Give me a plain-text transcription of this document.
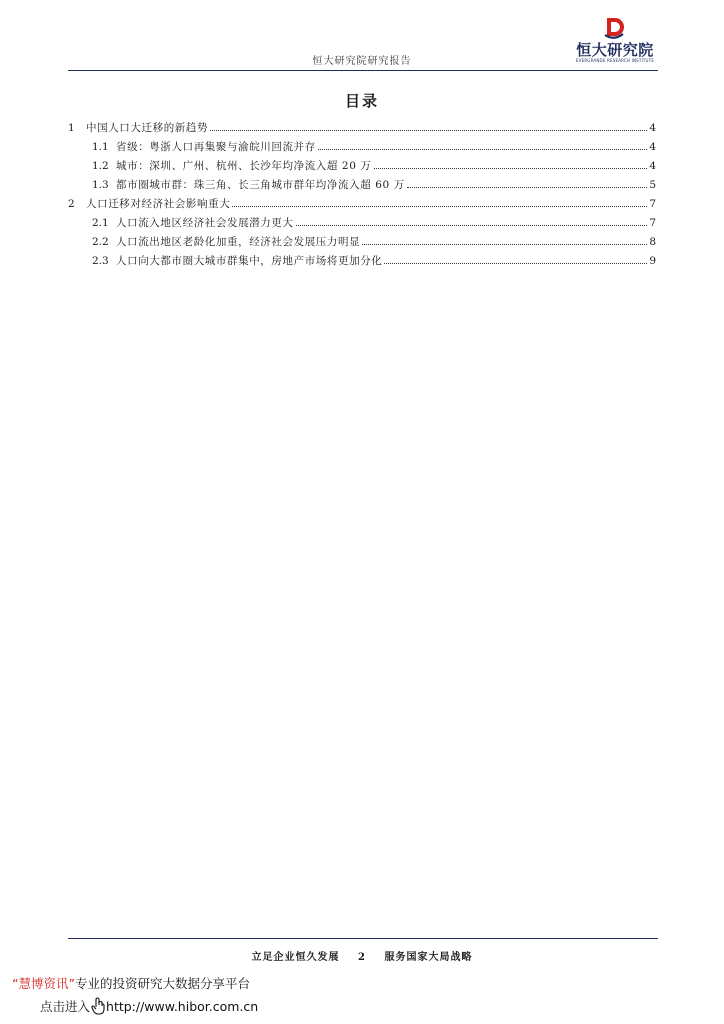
恒大研究院研究报告
恒大研究院
EVERGRANDE RESEARCH INSTITUTE
目录
1	中国人口大迁移的新趋势	4
1.1 省级：粤浙人口再集聚与渝皖川回流并存	4
1.2 城市：深圳、广州、杭州、长沙年均净流入超 20 万	4
1.3 都市圈城市群：珠三角、长三角城市群年均净流入超 60 万	5
2	人口迁移对经济社会影响重大	7
2.1 人口流入地区经济社会发展潜力更大	7
2.2 人口流出地区老龄化加重，经济社会发展压力明显	8
2.3 人口向大都市圈大城市群集中，房地产市场将更加分化	9
立足企业恒久发展 2 服务国家大局战略
“慧博资讯”专业的投资研究大数据分享平台
点击进入 http://www.hibor.com.cn
